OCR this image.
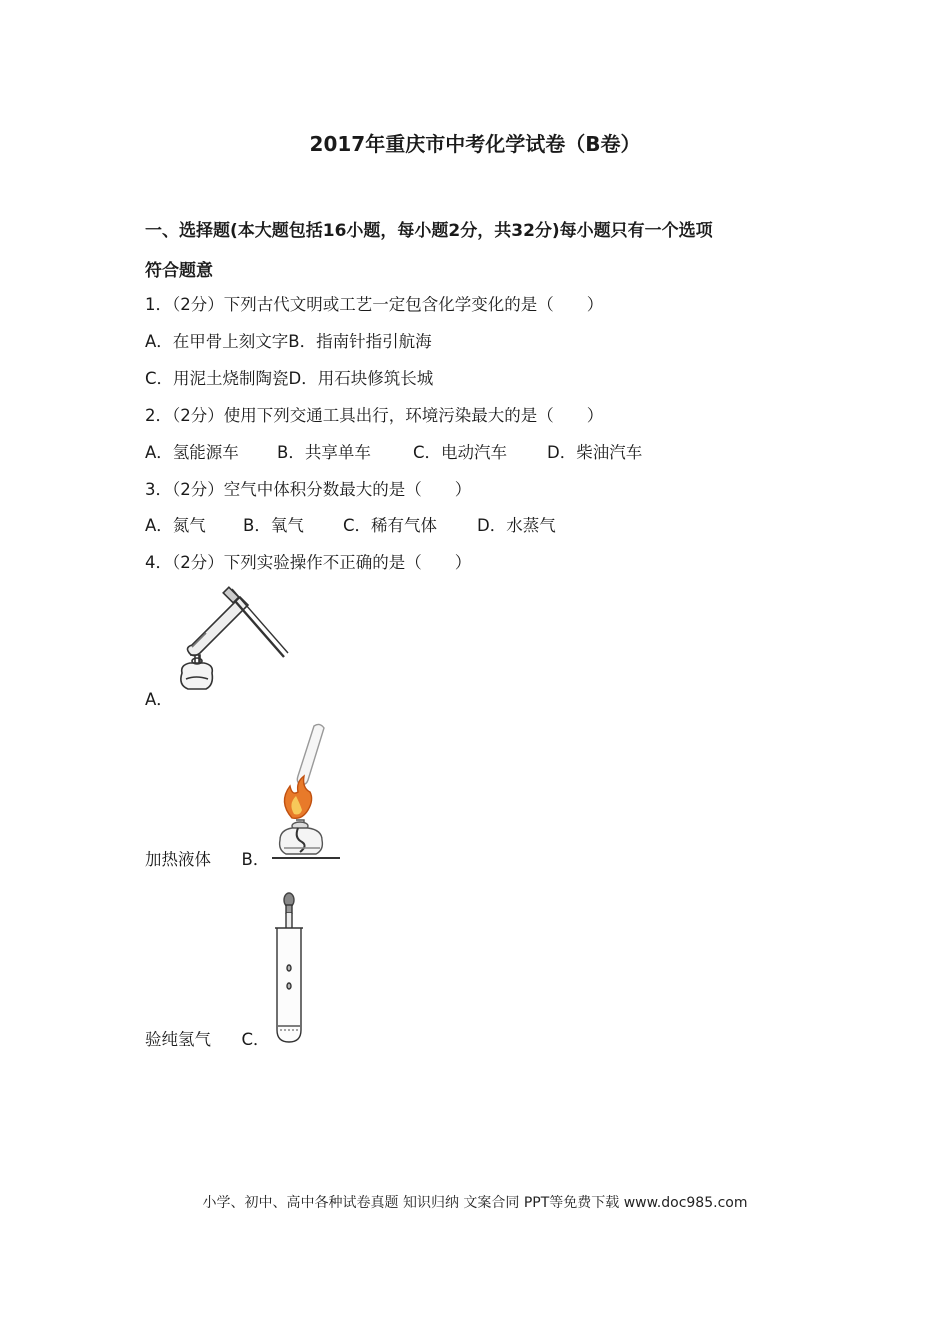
2017年重庆市中考化学试卷（B卷）
一、选择题(本大题包括16小题，每小题2分，共32分)每小题只有一个选项
符合题意
1．（2分）下列古代文明或工艺一定包含化学变化的是（　　）
A．在甲骨上刻文字B．指南针指引航海
C．用泥土烧制陶瓷D．用石块修筑长城
2．（2分）使用下列交通工具出行，环境污染最大的是（　　）
A．氢能源车 B．共享单车	C．电动汽车 D．柴油汽车
3．（2分）空气中体积分数最大的是（　　）
A．氮气 B．氧气 C．稀有气体 D．水蒸气
4．（2分）下列实验操作不正确的是（　　）
A．
加热液体 B．
验纯氢气 C．
小学、初中、高中各种试卷真题 知识归纳 文案合同 PPT等免费下载 www.doc985.com
